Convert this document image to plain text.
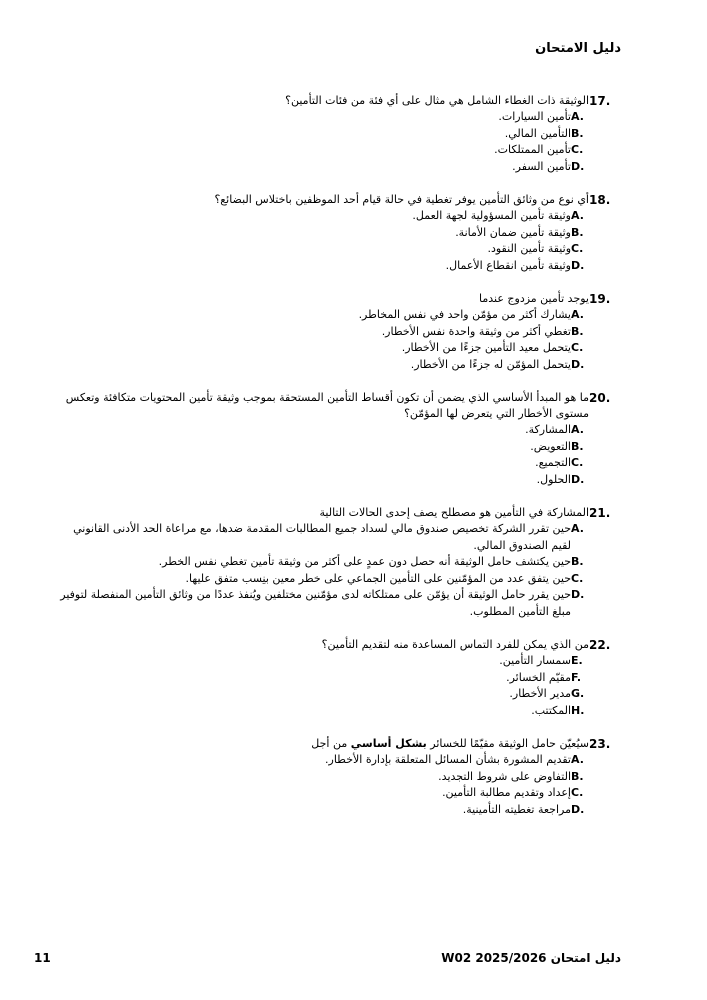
دليل الامتحان
17.
الوثيقة ذات الغطاء الشامل هي مثال على أي فئة من فئات التأمين؟
A.
تأمين السيارات.
B.
التأمين المالي.
C.
تأمين الممتلكات.
D.
تأمين السفر.
18.
أي نوع من وثائق التأمين يوفر تغطية في حالة قيام أحد الموظفين باختلاس البضائع؟
A.
وثيقة تأمين المسؤولية لجهة العمل.
B.
وثيقة تأمين ضمان الأمانة.
C.
وثيقة تأمين النقود.
D.
وثيقة تأمين انقطاع الأعمال.
19.
يوجد تأمين مزدوج عندما
A.
يشارك أكثر من مؤمّن واحد في نفس المخاطر.
B.
تغطي أكثر من وثيقة واحدة نفس الأخطار.
C.
يتحمل معيد التأمين جزءًا من الأخطار.
D.
يتحمل المؤمّن له جزءًا من الأخطار.
20.
ما هو المبدأ الأساسي الذي يضمن أن تكون أقساط التأمين المستحقة بموجب وثيقة تأمين المحتويات متكافئة وتعكس مستوى الأخطار التي يتعرض لها المؤمّن؟
A.
المشاركة.
B.
التعويض.
C.
التجميع.
D.
الحلول.
21.
المشاركة في التأمين هو مصطلح يصف إحدى الحالات التالية
A.
حين تقرر الشركة تخصيص صندوق مالي لسداد جميع المطالبات المقدمة ضدها، مع مراعاة الحد الأدنى القانوني لقيم الصندوق المالي.
B.
حين يكتشف حامل الوثيقة أنه حصل دون عمدٍ على أكثر من وثيقة تأمين تغطي نفس الخطر.
C.
حين يتفق عدد من المؤمّنين على التأمين الجماعي على خطر معين بنِسب متفق عليها.
D.
حين يقرر حامل الوثيقة أن يؤمّن على ممتلكاته لدى مؤمّنين مختلفين ويُنفذ عددًا من وثائق التأمين المنفصلة لتوفير مبلغ التأمين المطلوب.
22.
من الذي يمكن للفرد التماس المساعدة منه لتقديم التأمين؟
E.
سمسار التأمين.
F.
مقيّم الخسائر.
G.
مدير الأخطار.
H.
المكتتب.
23.
سيُعيّن حامل الوثيقة مقيّمًا للخسائر بشكل أساسي من أجل
A.
تقديم المشورة بشأن المسائل المتعلقة بإدارة الأخطار.
B.
التفاوض على شروط التجديد.
C.
إعداد وتقديم مطالبة التأمين.
D.
مراجعة تغطيته التأمينية.
دليل امتحان W02 2025/2026
11
